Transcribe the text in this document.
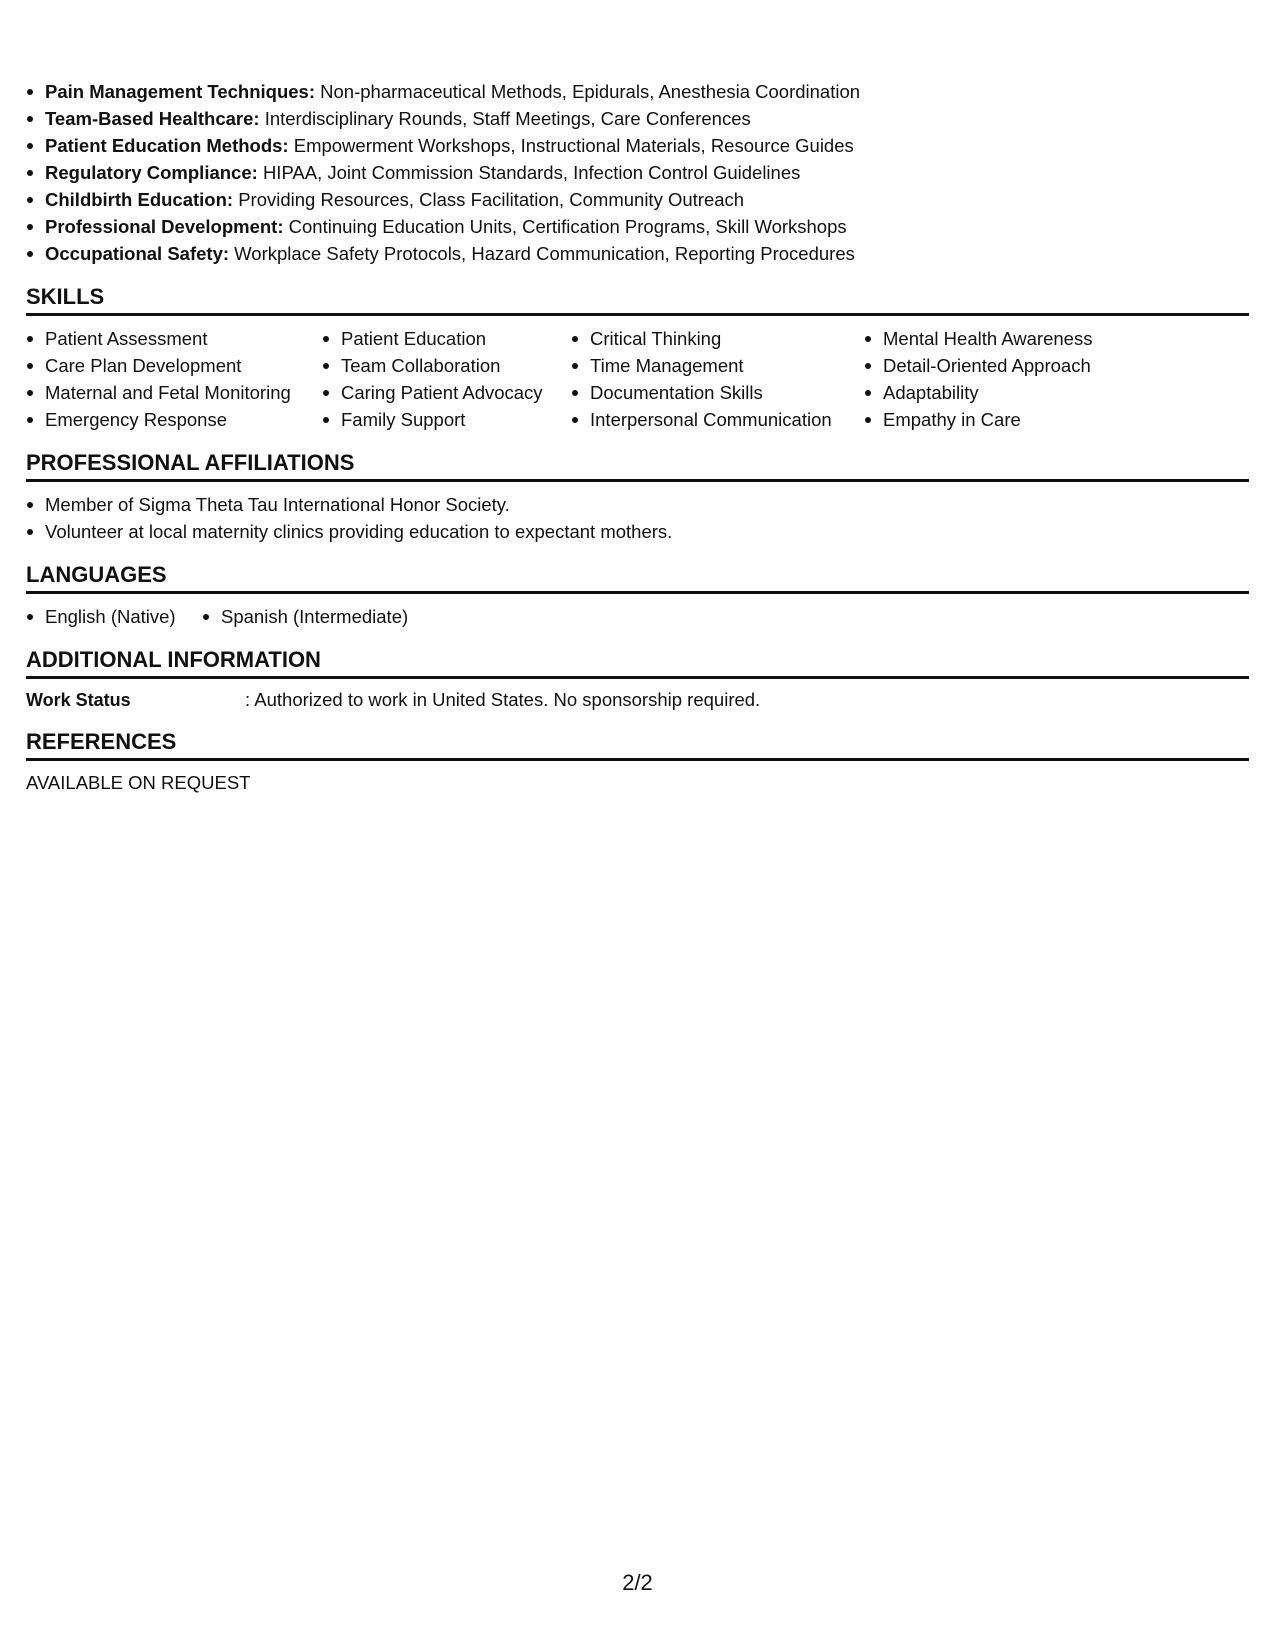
Pain Management Techniques: Non-pharmaceutical Methods, Epidurals, Anesthesia Coordination
Team-Based Healthcare: Interdisciplinary Rounds, Staff Meetings, Care Conferences
Patient Education Methods: Empowerment Workshops, Instructional Materials, Resource Guides
Regulatory Compliance: HIPAA, Joint Commission Standards, Infection Control Guidelines
Childbirth Education: Providing Resources, Class Facilitation, Community Outreach
Professional Development: Continuing Education Units, Certification Programs, Skill Workshops
Occupational Safety: Workplace Safety Protocols, Hazard Communication, Reporting Procedures
SKILLS
Patient Assessment
Care Plan Development
Maternal and Fetal Monitoring
Emergency Response
Patient Education
Team Collaboration
Caring Patient Advocacy
Family Support
Critical Thinking
Time Management
Documentation Skills
Interpersonal Communication
Mental Health Awareness
Detail-Oriented Approach
Adaptability
Empathy in Care
PROFESSIONAL AFFILIATIONS
Member of Sigma Theta Tau International Honor Society.
Volunteer at local maternity clinics providing education to expectant mothers.
LANGUAGES
English (Native)	Spanish (Intermediate)
ADDITIONAL INFORMATION
Work Status	: Authorized to work in United States. No sponsorship required.
REFERENCES
AVAILABLE ON REQUEST
2/2
